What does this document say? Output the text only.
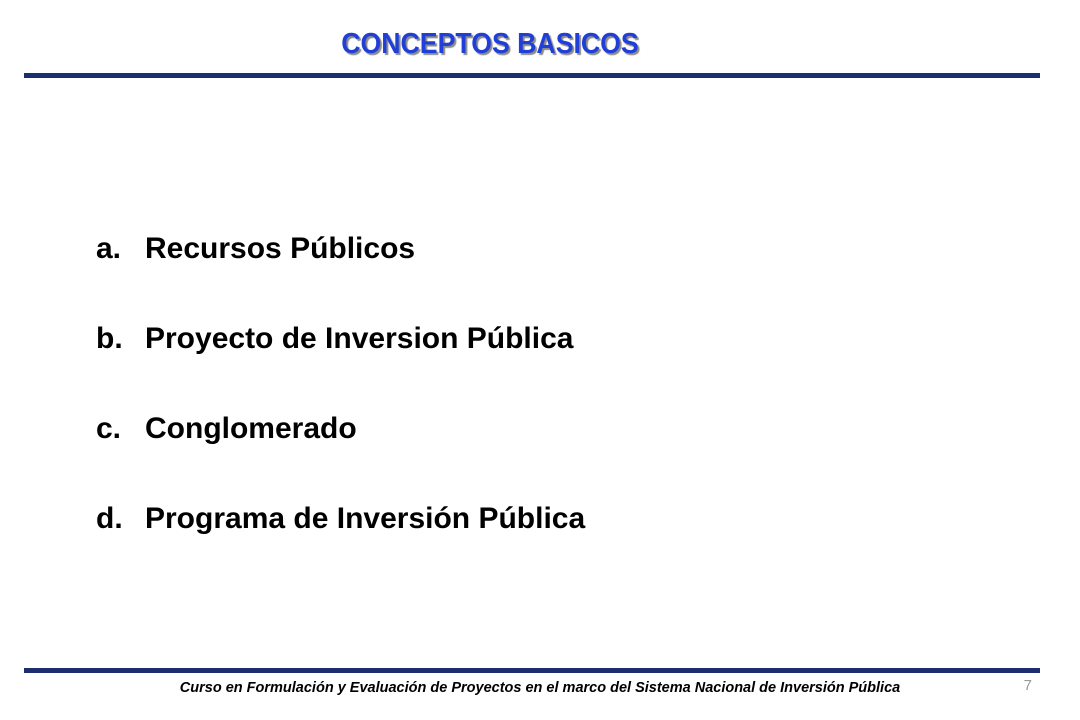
CONCEPTOS BASICOS
a. Recursos Públicos
b. Proyecto de Inversion Pública
c. Conglomerado
d. Programa de Inversión Pública
Curso en Formulación y Evaluación de Proyectos en el marco del Sistema Nacional de Inversión Pública	7
